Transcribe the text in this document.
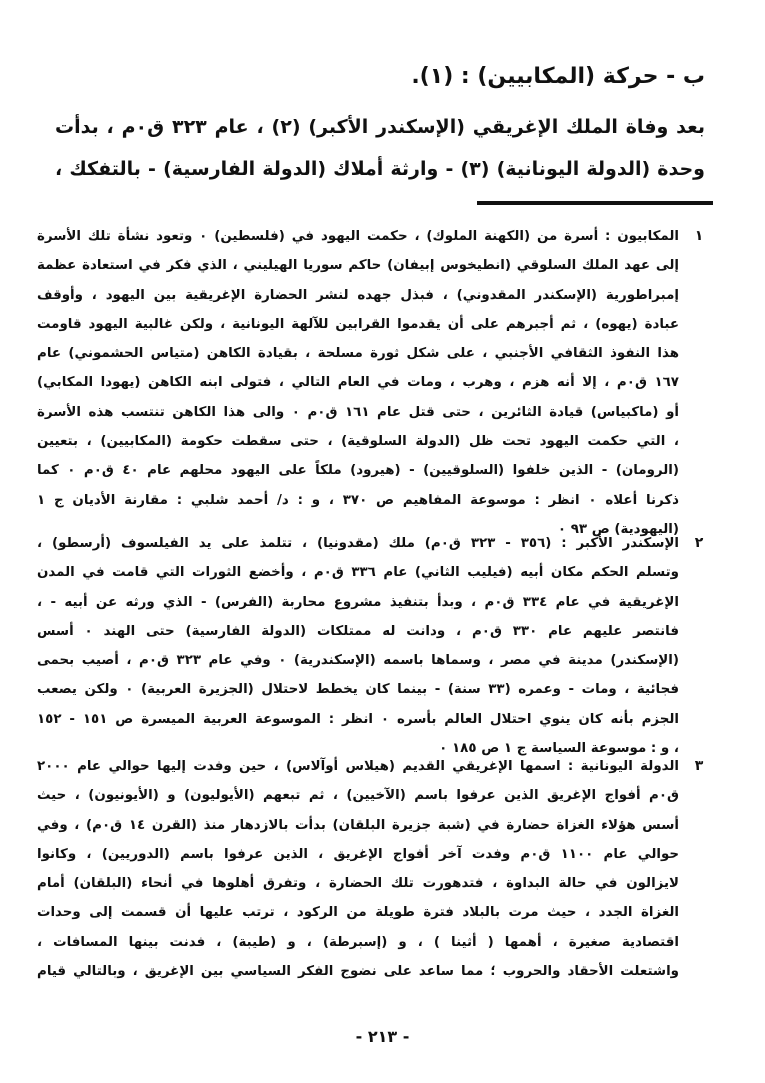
ب - حركة (المكابيين) : (١).
بعد وفاة الملك الإغريقي (الإسكندر الأكبر) (٢) ، عام ٣٢٣ ق٠م ، بدأت
وحدة (الدولة اليونانية) (٣) - وارثة أملاك (الدولة الفارسية) - بالتفكك ،
١
المكابيون : أسرة من (الكهنة الملوك) ، حكمت اليهود في (فلسطين) ٠ وتعود نشأة تلك الأسرة
إلى عهد الملك السلوقي (انطيخوس إبيفان) حاكم سوريا الهيليني ، الذي فكر في استعادة عظمة
إمبراطورية (الإسكندر المقدوني) ، فبذل جهده لنشر الحضارة الإغريقية بين اليهود ، وأوقف
عبادة (يهوه) ، ثم أجبرهم على أن يقدموا القرابين للآلهة اليونانية ، ولكن غالبية اليهود قاومت
هذا النفوذ الثقافي الأجنبي ، على شكل ثورة مسلحة ، بقيادة الكاهن (متياس الحشموني) عام
١٦٧ ق٠م ، إلا أنه هزم ، وهرب ، ومات في العام التالي ، فتولى ابنه الكاهن (يهودا المكابي)
أو (ماكبياس) قيادة الثائرين ، حتى قتل عام ١٦١ ق٠م ٠ والى هذا الكاهن تنتسب هذه الأسرة
، التي حكمت اليهود تحت ظل (الدولة السلوقية) ، حتى سقطت حكومة (المكابيين) ، بتعيين
(الرومان) - الذين خلفوا (السلوقيين) - (هيرود) ملكاً على اليهود محلهم عام ٤٠ ق٠م ٠ كما
ذكرنا أعلاه ٠ انظر : موسوعة المفاهيم ص ٣٧٠ ، و : د/ أحمد شلبي : مقارنة الأديان ج ١
(اليهودية) ص ٩٣ ٠
٢
الإسكندر الأكبر : (٣٥٦ - ٣٢٣ ق٠م) ملك (مقدونيا) ، تتلمذ على يد الفيلسوف (أرسطو) ،
وتسلم الحكم مكان أبيه (فيليب الثاني) عام ٣٣٦ ق٠م ، وأخضع الثورات التي قامت في المدن
الإغريقية في عام ٣٣٤ ق٠م ، وبدأ بتنفيذ مشروع محاربة (الفرس) - الذي ورثه عن أبيه - ،
فانتصر عليهم عام ٣٣٠ ق٠م ، ودانت له ممتلكات (الدولة الفارسية) حتى الهند ٠ أسس
(الإسكندر) مدينة في مصر ، وسماها باسمه (الإسكندرية) ٠ وفي عام ٣٢٣ ق٠م ، أصيب بحمى
فجائية ، ومات - وعمره (٣٣ سنة) - بينما كان يخطط لاحتلال (الجزيرة العربية) ٠ ولكن يصعب
الجزم بأنه كان ينوي احتلال العالم بأسره ٠ انظر : الموسوعة العربية الميسرة ص ١٥١ - ١٥٢
، و : موسوعة السياسة ج ١ ص ١٨٥ ٠
٣
الدولة اليونانية : اسمها الإغريقي القديم (هيلاس أوآلاس) ، حين وفدت إليها حوالي عام ٢٠٠٠
ق٠م أفواج الإغريق الذين عرفوا باسم (الآخيين) ، ثم تبعهم (الأيوليون) و (الأيونيون) ، حيث
أسس هؤلاء الغزاة حضارة في (شبة جزيرة البلقان) بدأت بالازدهار منذ (القرن ١٤ ق٠م) ، وفي
حوالي عام ١١٠٠ ق٠م وفدت آخر أفواج الإغريق ، الذين عرفوا باسم (الدوريين) ، وكانوا
لايزالون في حالة البداوة ، فتدهورت تلك الحضارة ، وتفرق أهلوها في أنحاء (البلقان) أمام
الغزاة الجدد ، حيث مرت بالبلاد فترة طويلة من الركود ، ترتب عليها أن قسمت إلى وحدات
اقتصادية صغيرة ، أهمها ( أثينا ) ، و (إسبرطة) ، و (طيبة) ، فدنت بينها المسافات ،
واشتعلت الأحقاد والحروب ؛ مما ساعد على نضوج الفكر السياسي بين الإغريق ، وبالتالي قيام
- ٢١٣ -
